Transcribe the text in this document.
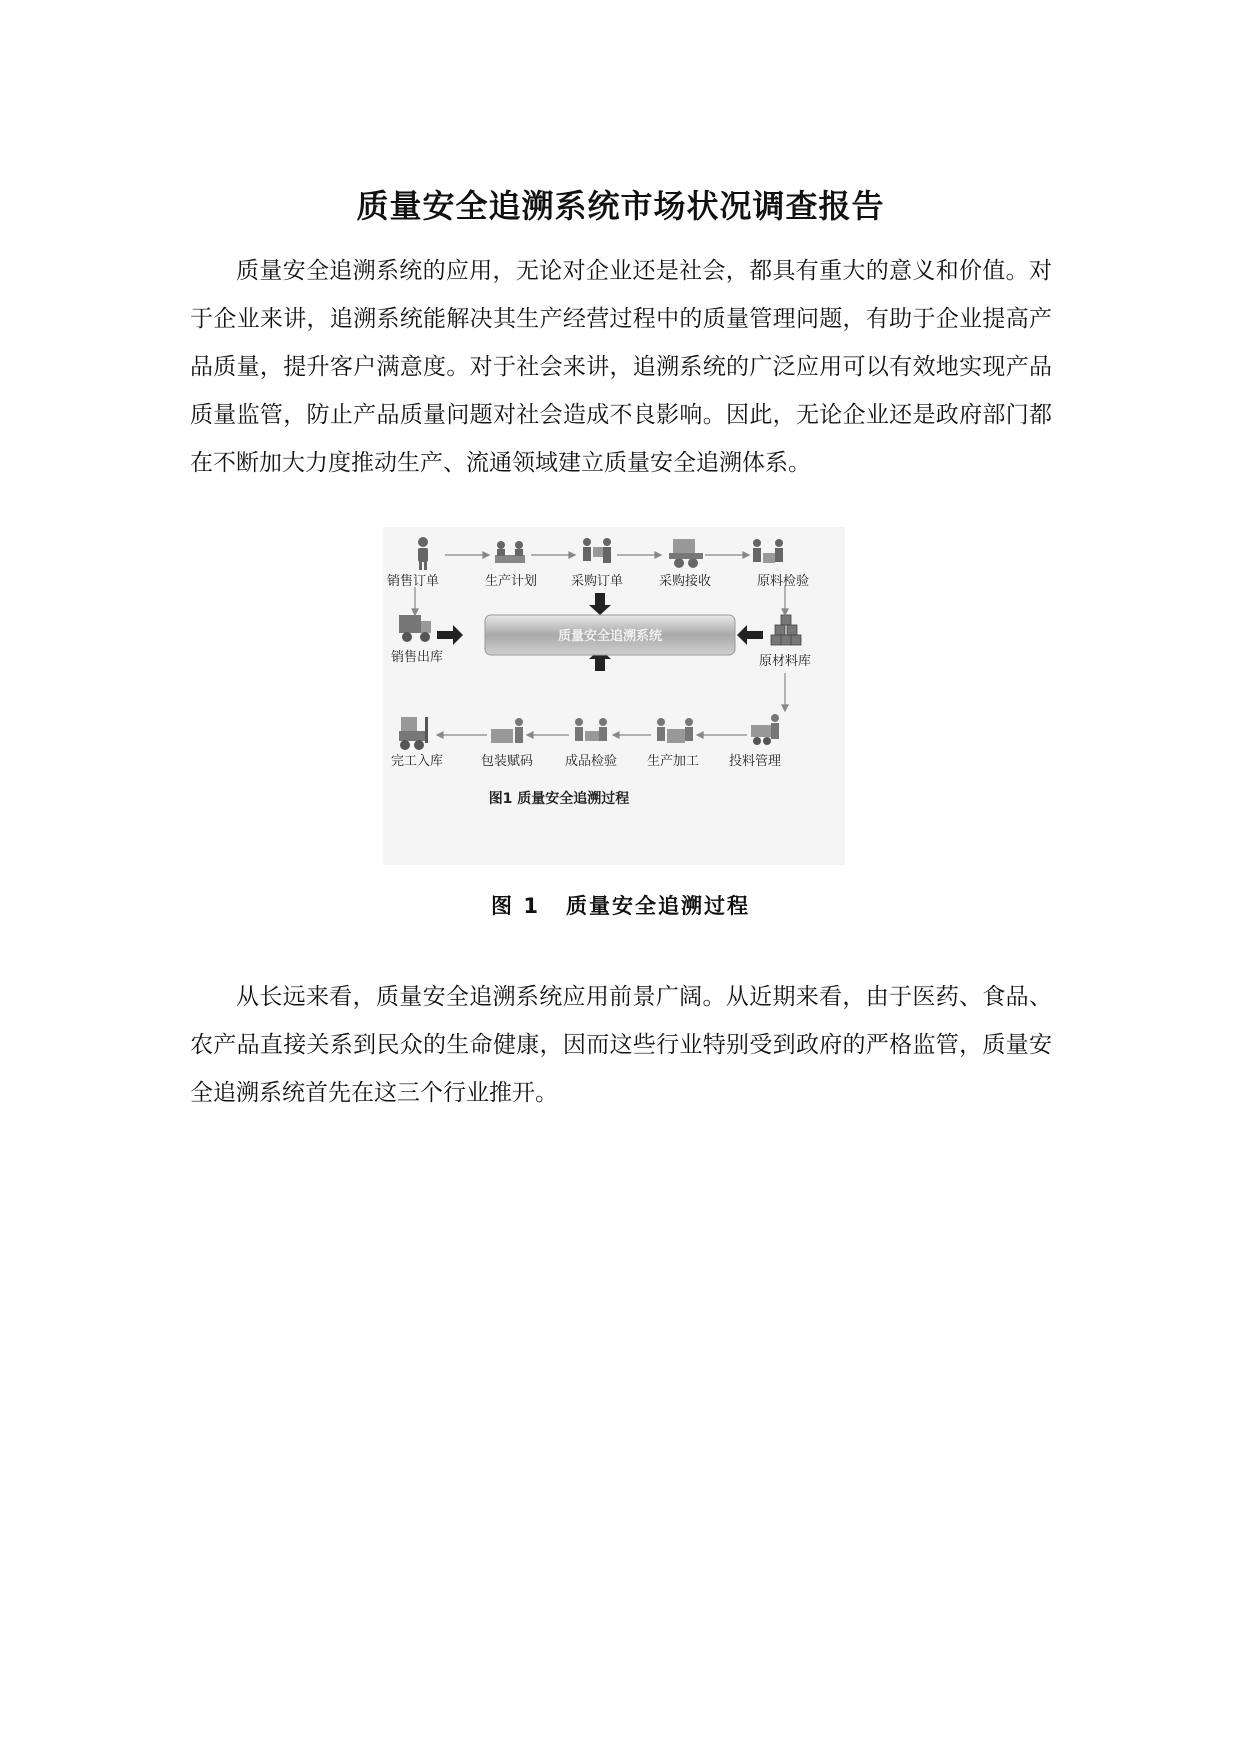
质量安全追溯系统市场状况调查报告

质量安全追溯系统的应用，无论对企业还是社会，都具有重大的意义和价值。对于企业来讲，追溯系统能解决其生产经营过程中的质量管理问题，有助于企业提高产品质量，提升客户满意度。对于社会来讲，追溯系统的广泛应用可以有效地实现产品质量监管，防止产品质量问题对社会造成不良影响。因此，无论企业还是政府部门都在不断加大力度推动生产、流通领域建立质量安全追溯体系。

销售订单	生产计划	采购订单	采购接收	原料检验
原材料库
销售出库
完工入库	包装赋码 成品检验 生产加工 投料管理
质量安全追溯系统
图1 质量安全追溯过程
图 1 质量安全追溯过程

从长远来看，质量安全追溯系统应用前景广阔。从近期来看，由于医药、食品、农产品直接关系到民众的生命健康，因而这些行业特别受到政府的严格监管，质量安全追溯系统首先在这三个行业推开。
